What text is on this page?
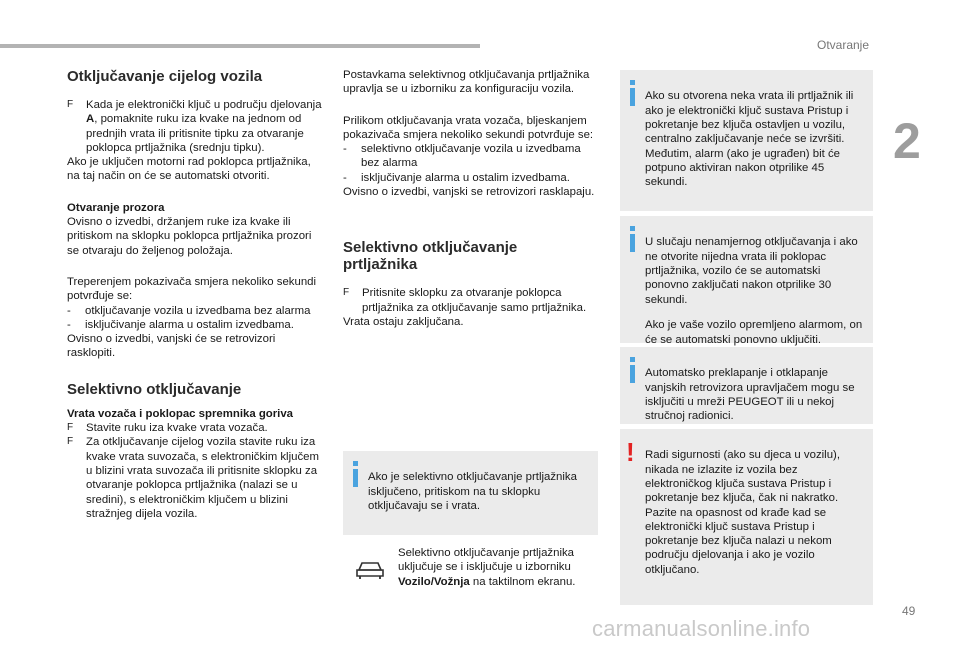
Otvaranje
2
49
carmanualsonline.info
Otključavanje cijelog vozila
F	Kada je elektronički ključ u području djelovanja A, pomaknite ruku iza kvake na jednom od prednjih vrata ili pritisnite tipku za otvaranje poklopca prtljažnika (srednju tipku).

Ako je uključen motorni rad poklopca prtljažnika, na taj način on će se automatski otvoriti.

Otvaranje prozora

Ovisno o izvedbi, držanjem ruke iza kvake ili pritiskom na sklopku poklopca prtljažnika prozori se otvaraju do željenog položaja.

Treperenjem pokazivača smjera nekoliko sekundi potvrđuje se:

-	otključavanje vozila u izvedbama bez alarma

-	isključivanje alarma u ostalim izvedbama.

Ovisno o izvedbi, vanjski će se retrovizori rasklopiti.

Selektivno otključavanje

Vrata vozača i poklopac spremnika goriva

F	Stavite ruku iza kvake vrata vozača.

F	Za otključavanje cijelog vozila stavite ruku iza kvake vrata suvozača, s elektroničkim ključem u blizini vrata suvozača ili pritisnite sklopku za otvaranje poklopca prtljažnika (nalazi se u sredini), s elektroničkim ključem u blizini stražnjeg dijela vozila.

Postavkama selektivnog otključavanja prtljažnika upravlja se u izborniku za konfiguraciju vozila.

Prilikom otključavanja vrata vozača, bljeskanjem pokazivača smjera nekoliko sekundi potvrđuje se:

-	selektivno otključavanje vozila u izvedbama bez alarma

-	isključivanje alarma u ostalim izvedbama.

Ovisno o izvedbi, vanjski se retrovizori rasklapaju.

Selektivno otključavanje prtljažnika
F	Pritisnite sklopku za otvaranje poklopca prtljažnika za otključavanje samo prtljažnika.

Vrata ostaju zaključana.

Ako je selektivno otključavanje prtljažnika isključeno, pritiskom na tu sklopku otključavaju se i vrata.

Selektivno otključavanje prtljažnika uključuje se i isključuje u izborniku Vozilo/Vožnja na taktilnom ekranu.

Ako su otvorena neka vrata ili prtljažnik ili ako je elektronički ključ sustava Pristup i pokretanje bez ključa ostavljen u vozilu, centralno zaključavanje neće se izvršiti. Međutim, alarm (ako je ugrađen) bit će potpuno aktiviran nakon otprilike 45 sekundi.

U slučaju nenamjernog otključavanja i ako ne otvorite nijedna vrata ili poklopac prtljažnika, vozilo će se automatski ponovno zaključati nakon otprilike 30 sekundi.

Ako je vaše vozilo opremljeno alarmom, on će se automatski ponovno uključiti.

Automatsko preklapanje i otklapanje vanjskih retrovizora upravljačem mogu se isključiti u mreži PEUGEOT ili u nekoj stručnoj radionici.

! Radi sigurnosti (ako su djeca u vozilu), nikada ne izlazite iz vozila bez elektroničkog ključa sustava Pristup i pokretanje bez ključa, čak ni nakratko. Pazite na opasnost od krađe kad se elektronički ključ sustava Pristup i pokretanje bez ključa nalazi u nekom području djelovanja i ako je vozilo otključano.
